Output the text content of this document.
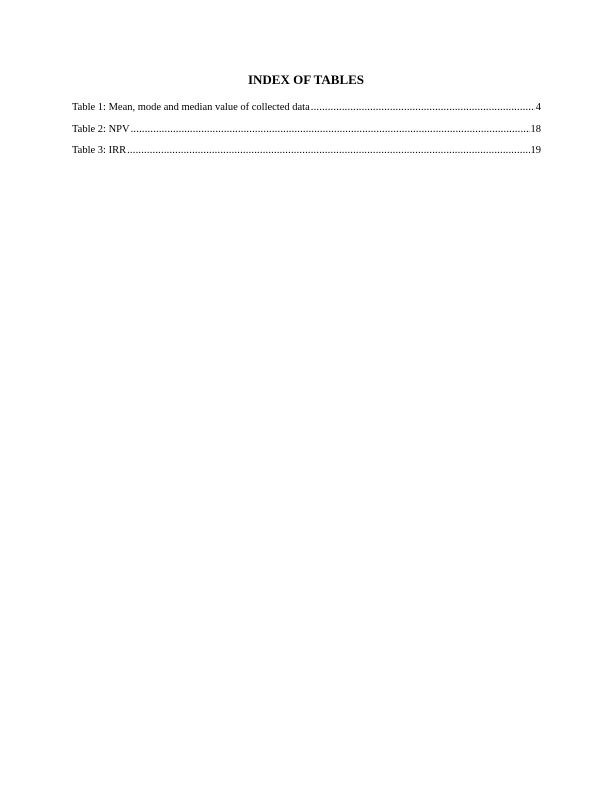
INDEX OF TABLES
Table 1: Mean, mode and median value of collected data .....	4
Table 2: NPV .....	18
Table 3: IRR .....	19
